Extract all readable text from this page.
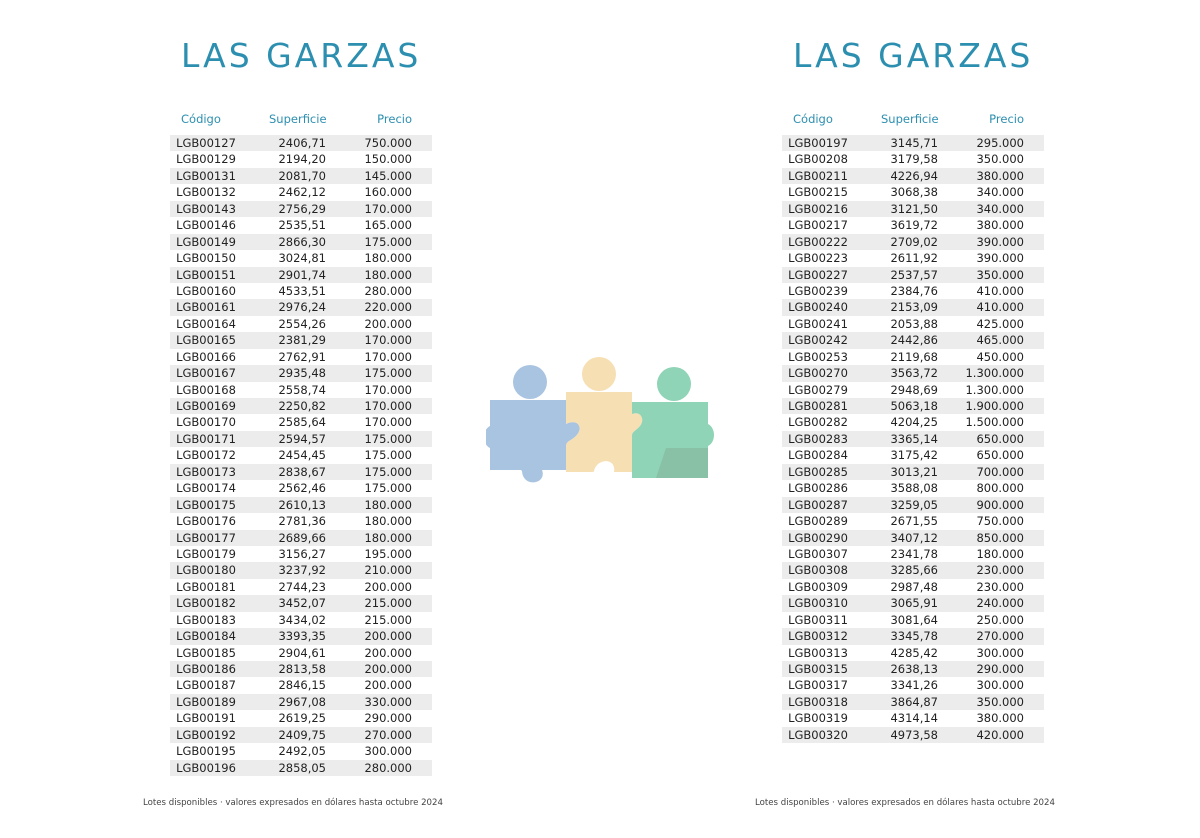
LAS GARZAS
Código	Superficie	Precio
LGB00127	2406,71	750.000
LGB00129	2194,20	150.000
LGB00131	2081,70	145.000
LGB00132	2462,12	160.000
LGB00143	2756,29	170.000
LGB00146	2535,51	165.000
LGB00149	2866,30	175.000
LGB00150	3024,81	180.000
LGB00151	2901,74	180.000
LGB00160	4533,51	280.000
LGB00161	2976,24	220.000
LGB00164	2554,26	200.000
LGB00165	2381,29	170.000
LGB00166	2762,91	170.000
LGB00167	2935,48	175.000
LGB00168	2558,74	170.000
LGB00169	2250,82	170.000
LGB00170	2585,64	170.000
LGB00171	2594,57	175.000
LGB00172	2454,45	175.000
LGB00173	2838,67	175.000
LGB00174	2562,46	175.000
LGB00175	2610,13	180.000
LGB00176	2781,36	180.000
LGB00177	2689,66	180.000
LGB00179	3156,27	195.000
LGB00180	3237,92	210.000
LGB00181	2744,23	200.000
LGB00182	3452,07	215.000
LGB00183	3434,02	215.000
LGB00184	3393,35	200.000
LGB00185	2904,61	200.000
LGB00186	2813,58	200.000
LGB00187	2846,15	200.000
LGB00189	2967,08	330.000
LGB00191	2619,25	290.000
LGB00192	2409,75	270.000
LGB00195	2492,05	300.000
LGB00196	2858,05	280.000
Lotes disponibles · valores expresados en dólares hasta octubre 2024
LAS GARZAS
Código	Superficie	Precio
LGB00197	3145,71	295.000
LGB00208	3179,58	350.000
LGB00211	4226,94	380.000
LGB00215	3068,38	340.000
LGB00216	3121,50	340.000
LGB00217	3619,72	380.000
LGB00222	2709,02	390.000
LGB00223	2611,92	390.000
LGB00227	2537,57	350.000
LGB00239	2384,76	410.000
LGB00240	2153,09	410.000
LGB00241	2053,88	425.000
LGB00242	2442,86	465.000
LGB00253	2119,68	450.000
LGB00270	3563,72 1.300.000
LGB00279	2948,69 1.300.000
LGB00281	5063,18 1.900.000
LGB00282	4204,25 1.500.000
LGB00283	3365,14	650.000
LGB00284	3175,42	650.000
LGB00285	3013,21	700.000
LGB00286	3588,08	800.000
LGB00287	3259,05	900.000
LGB00289	2671,55	750.000
LGB00290	3407,12	850.000
LGB00307	2341,78	180.000
LGB00308	3285,66	230.000
LGB00309	2987,48	230.000
LGB00310	3065,91	240.000
LGB00311	3081,64	250.000
LGB00312	3345,78	270.000
LGB00313	4285,42	300.000
LGB00315	2638,13	290.000
LGB00317	3341,26	300.000
LGB00318	3864,87	350.000
LGB00319	4314,14	380.000
LGB00320	4973,58	420.000
Lotes disponibles · valores expresados en dólares hasta octubre 2024
